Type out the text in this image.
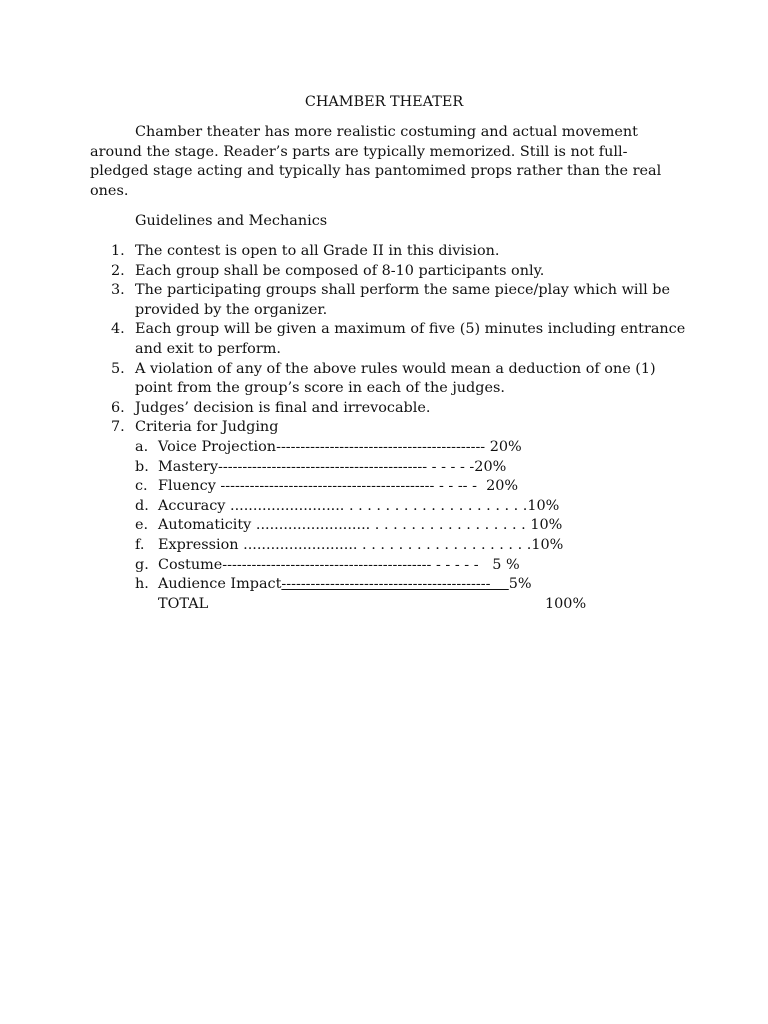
CHAMBER THEATER
Chamber theater has more realistic costuming and actual movement around the stage. Reader’s parts are typically memorized. Still is not full-pledged stage acting and typically has pantomimed props rather than the real ones.
Guidelines and Mechanics
1. The contest is open to all Grade II in this division.
2. Each group shall be composed of 8-10 participants only.
3. The participating groups shall perform the same piece/play which will be provided by the organizer.
4. Each group will be given a maximum of five (5) minutes including entrance and exit to perform.
5. A violation of any of the above rules would mean a deduction of one (1) point from the group’s score in each of the judges.
6. Judges’ decision is final and irrevocable.
7. Criteria for Judging
a. Voice Projection------------------------------------------- 20%
b. Mastery------------------------------------------- - - - - -20%
c. Fluency -------------------------------------------- - - -- -  20%
d. Accuracy ......................... . . . . . . . . . . . . . . . . . . . .10%
e. Automaticity ......................... . . . . . . . . . . . . . . . . . 10%
f. Expression ......................... . . . . . . . . . . . . . . . . . . .10%
g. Costume------------------------------------------- - - - - -   5 %
h. Audience Impact-------------------------------------------    5%
TOTAL	100%
